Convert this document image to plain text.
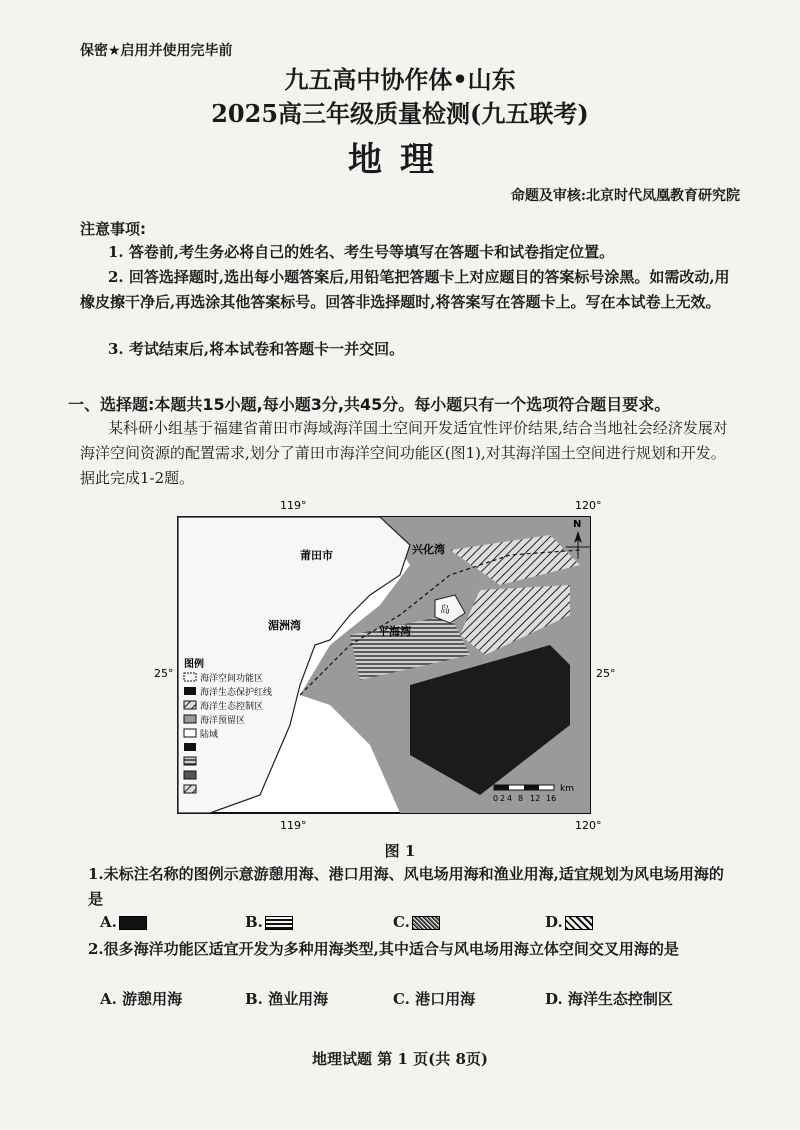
保密★启用并使用完毕前
九五高中协作体•山东
2025高三年级质量检测(九五联考)
地理
命题及审核:北京时代凤凰教育研究院
注意事项:
1. 答卷前,考生务必将自己的姓名、考生号等填写在答题卡和试卷指定位置。
2. 回答选择题时,选出每小题答案后,用铅笔把答题卡上对应题目的答案标号涂黑。如需改动,用橡皮擦干净后,再选涂其他答案标号。回答非选择题时,将答案写在答题卡上。写在本试卷上无效。
3. 考试结束后,将本试卷和答题卡一并交回。
一、选择题:本题共15小题,每小题3分,共45分。每小题只有一个选项符合题目要求。
某科研小组基于福建省莆田市海域海洋国土空间开发适宜性评价结果,结合当地社会经济发展对海洋空间资源的配置需求,划分了莆田市海洋空间功能区(图1),对其海洋国土空间进行规划和开发。据此完成1-2题。
119°	120°
119°	120°
25°	25°
兴化湾
莆田市
湄洲湾	平海湾
岛
N
图例
海洋空间功能区
海洋生态保护红线
海洋生态控制区
海洋预留区
陆域
0 2 4 8 12 16
km
图 1
1.未标注名称的图例示意游憩用海、港口用海、风电场用海和渔业用海,适宜规划为风电场用海的是
A.	B.	C.	D.
2.很多海洋功能区适宜开发为多种用海类型,其中适合与风电场用海立体空间交叉用海的是
A. 游憩用海	B. 渔业用海	C. 港口用海	D. 海洋生态控制区
地理试题 第 1 页(共 8页)
